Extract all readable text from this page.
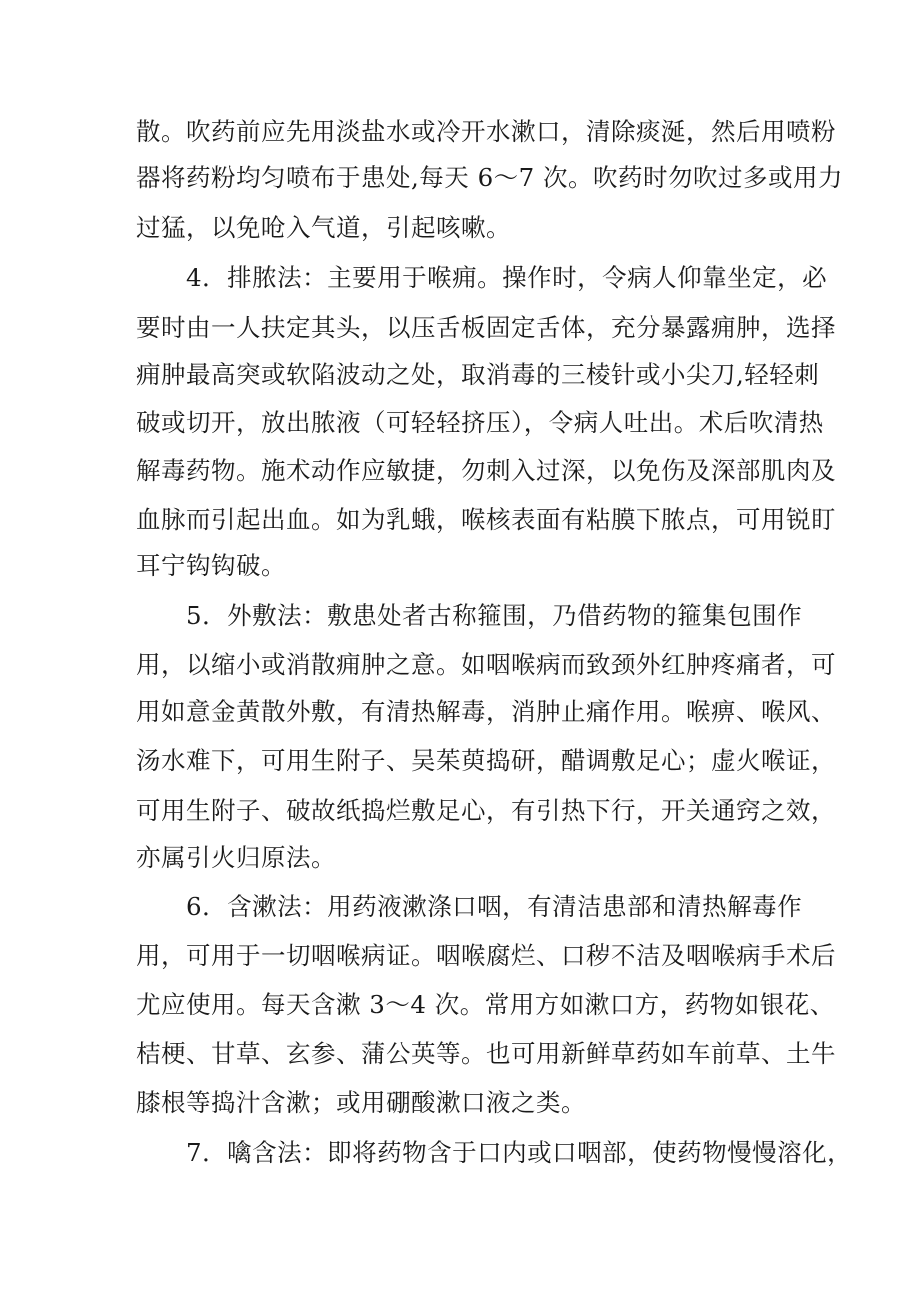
散。吹药前应先用淡盐水或冷开水漱口，清除痰涎，然后用喷粉
器将药粉均匀喷布于患处,每天 6～7 次。吹药时勿吹过多或用力
过猛，以免呛入气道，引起咳嗽。
4．排脓法：主要用于喉痈。操作时，令病人仰靠坐定，必
要时由一人扶定其头，以压舌板固定舌体，充分暴露痈肿，选择
痈肿最高突或软陷波动之处，取消毒的三棱针或小尖刀,轻轻刺
破或切开，放出脓液（可轻轻挤压），令病人吐出。术后吹清热
解毒药物。施术动作应敏捷，勿刺入过深，以免伤及深部肌肉及
血脉而引起出血。如为乳蛾，喉核表面有粘膜下脓点，可用锐盯
耳宁钩钩破。
5．外敷法：敷患处者古称箍围，乃借药物的箍集包围作
用，以缩小或消散痈肿之意。如咽喉病而致颈外红肿疼痛者，可
用如意金黄散外敷，有清热解毒，消肿止痛作用。喉痹、喉风、
汤水难下，可用生附子、吴茱萸捣研，醋调敷足心；虚火喉证，
可用生附子、破故纸捣烂敷足心，有引热下行，开关通窍之效，
亦属引火归原法。
6．含漱法：用药液漱涤口咽，有清洁患部和清热解毒作
用，可用于一切咽喉病证。咽喉腐烂、口秽不洁及咽喉病手术后
尤应使用。每天含漱 3～4 次。常用方如漱口方，药物如银花、
桔梗、甘草、玄参、蒲公英等。也可用新鲜草药如车前草、土牛
膝根等捣汁含漱；或用硼酸漱口液之类。
7．噙含法：即将药物含于口内或口咽部，使药物慢慢溶化，
